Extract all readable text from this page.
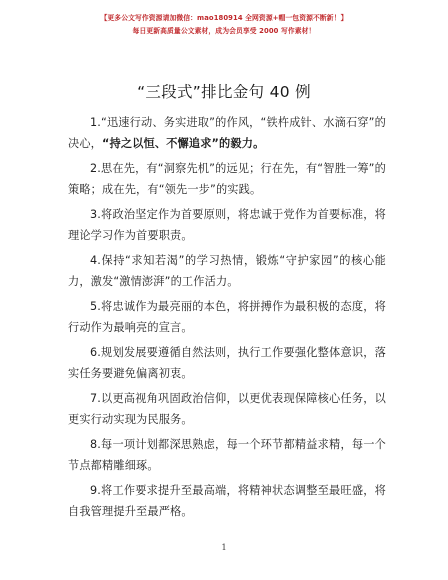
【更多公文写作资源请加微信：mao180914 全网资源+帽一包资源不断新！】
每日更新高质量公文素材，成为会员享受 2000 写作素材！
“三段式”排比金句 40 例

1.“迅速行动、务实进取”的作风，“铁杵成针、水滴石穿”的决心，“持之以恒、不懈追求”的毅力。

2.思在先，有“洞察先机”的远见；行在先，有“智胜一筹”的策略；成在先，有“领先一步”的实践。

3.将政治坚定作为首要原则，将忠诚于党作为首要标准，将理论学习作为首要职责。

4.保持“求知若渴”的学习热情，锻炼“守护家园”的核心能力，激发“激情澎湃”的工作活力。

5.将忠诚作为最亮丽的本色，将拼搏作为最积极的态度，将行动作为最响亮的宣言。

6.规划发展要遵循自然法则，执行工作要强化整体意识，落实任务要避免偏离初衷。

7.以更高视角巩固政治信仰，以更优表现保障核心任务，以更实行动实现为民服务。

8.每一项计划都深思熟虑，每一个环节都精益求精，每一个节点都精雕细琢。

9.将工作要求提升至最高端，将精神状态调整至最旺盛，将自我管理提升至最严格。

1
